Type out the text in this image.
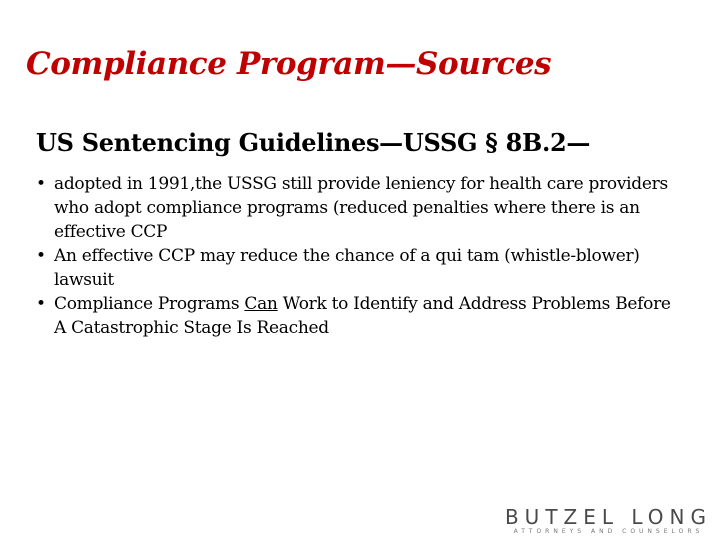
Compliance Program—Sources
US Sentencing Guidelines—USSG § 8B.2—
• adopted in 1991,the USSG still provide leniency for health care providers who adopt compliance programs (reduced penalties where there is an effective CCP
• An effective CCP may reduce the chance of a qui tam (whistle-blower) lawsuit
• Compliance Programs Can Work to Identify and Address Problems Before A Catastrophic Stage Is Reached
BUTZEL LONG
ATTORNEYS AND COUNSELORS
